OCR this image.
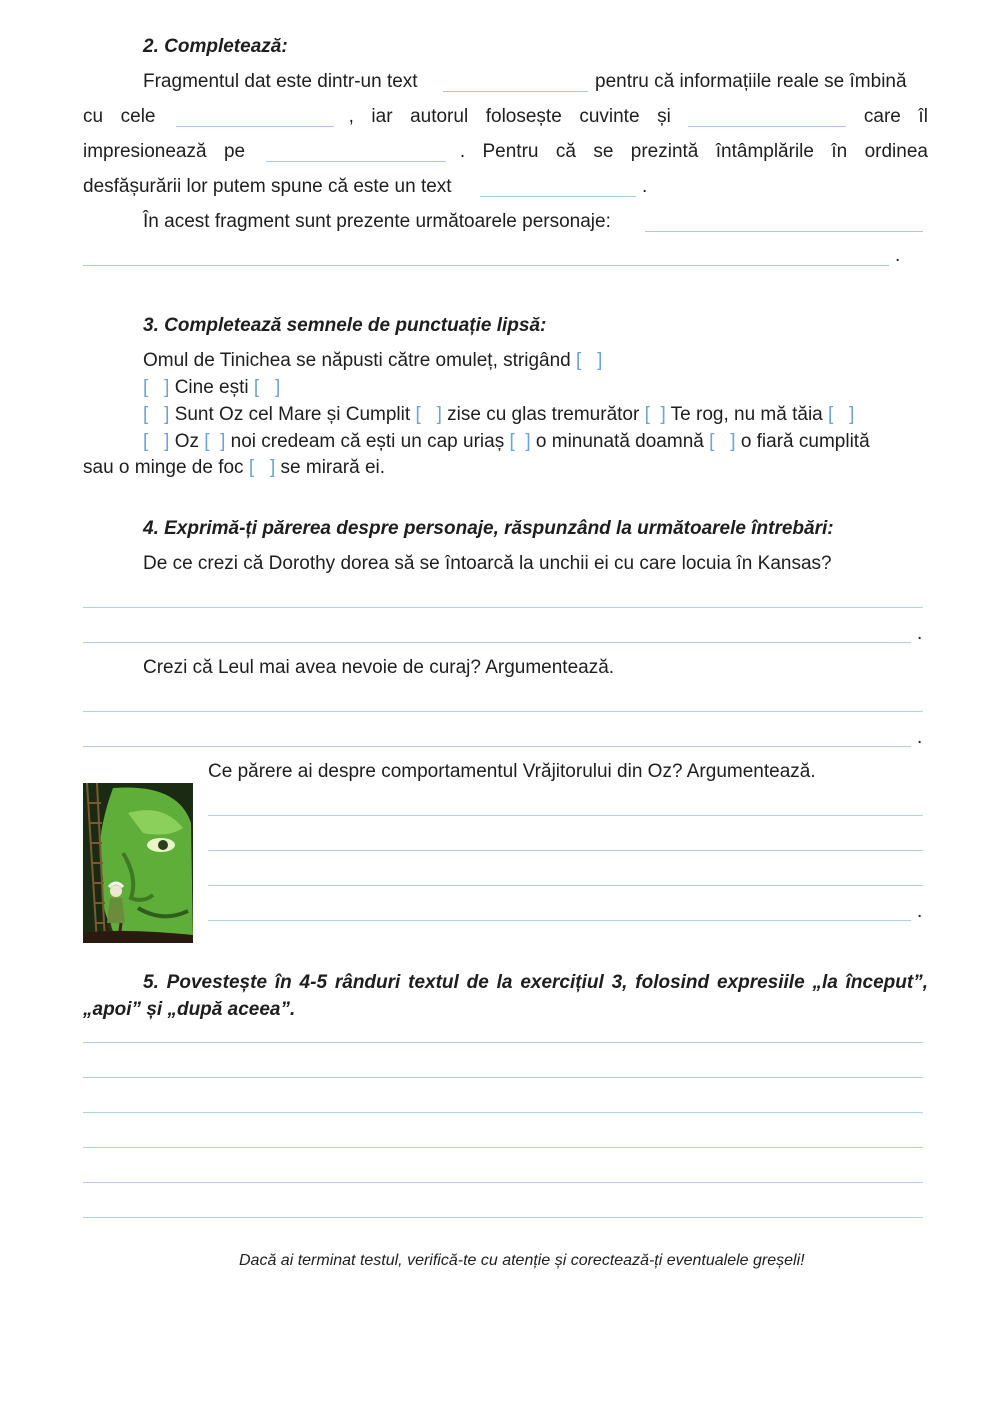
2. Completează:
Fragmentul dat este dintr-un text	pentru că informațiile reale se îmbină
cu cele	, iar autorul folosește cuvinte și	care îl
impresionează pe	. Pentru că se prezintă întâmplările în ordinea
desfășurării lor putem spune că este un text	.
În acest fragment sunt prezente următoarele personaje:
.
3. Completează semnele de punctuație lipsă:
Omul de Tinichea se năpusti către omuleț, strigând [ ]
[ ] Cine ești [ ]
[ ] Sunt Oz cel Mare și Cumplit [ ] zise cu glas tremurător [ ] Te rog, nu mă tăia [ ]
[ ] Oz [ ] noi credeam că ești un cap uriaș [ ] o minunată doamnă [ ] o fiară cumplită
sau o minge de foc [ ] se mirară ei.
4. Exprimă-ți părerea despre personaje, răspunzând la următoarele întrebări:
De ce crezi că Dorothy dorea să se întoarcă la unchii ei cu care locuia în Kansas?
.
Crezi că Leul mai avea nevoie de curaj? Argumentează.
.
Ce părere ai despre comportamentul Vrăjitorului din Oz? Argumentează.
.
5. Povestește în 4-5 rânduri textul de la exercițiul 3, folosind expresiile „la început”, „apoi” și „după aceea”.
Dacă ai terminat testul, verifică-te cu atenție și corectează-ți eventualele greșeli!
